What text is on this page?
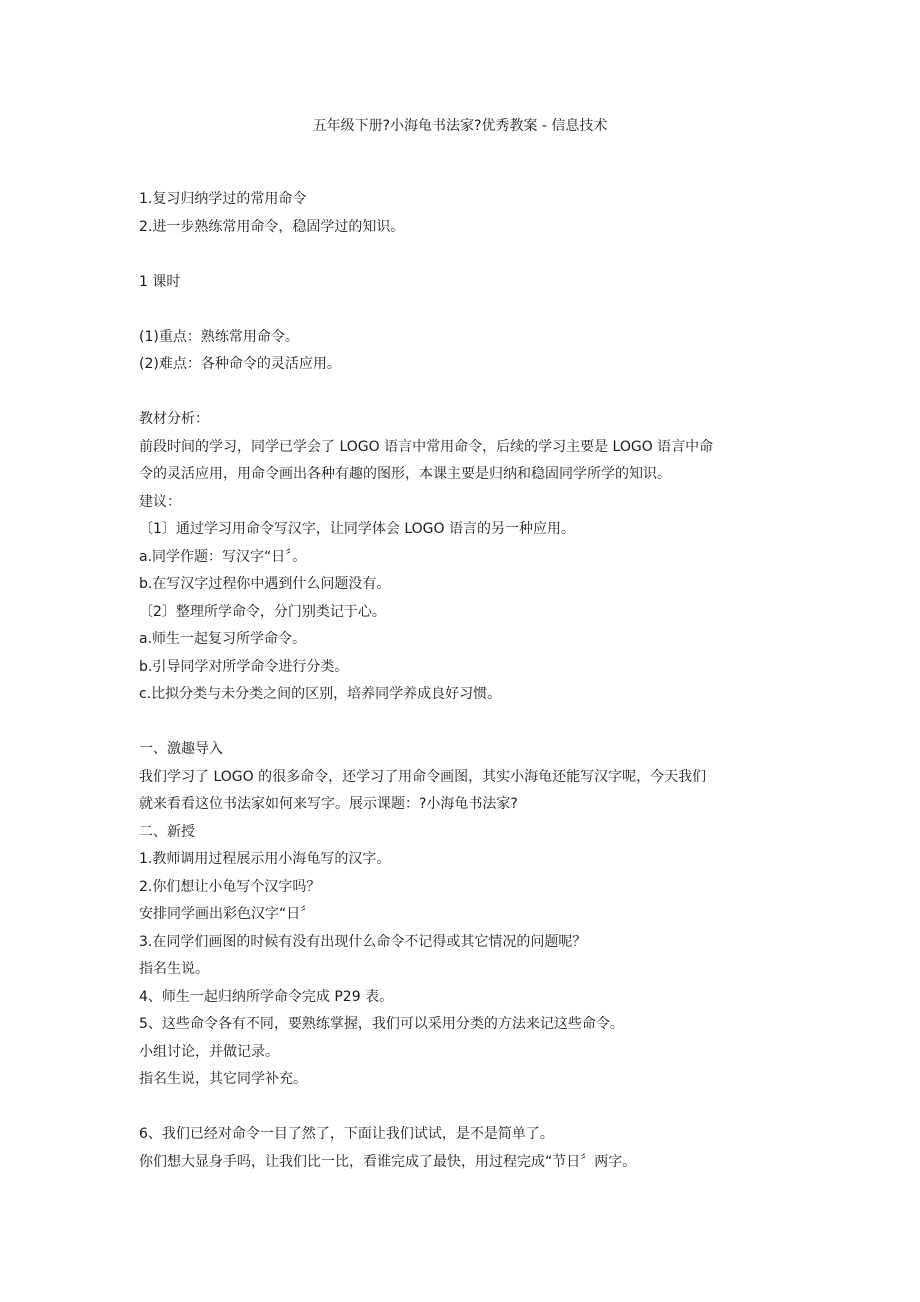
五年级下册?小海龟书法家?优秀教案 - 信息技术
1.复习归纳学过的常用命令
2.进一步熟练常用命令，稳固学过的知识。
1 课时
(1)重点：熟练常用命令。
(2)难点：各种命令的灵活应用。
教材分析：
前段时间的学习，同学已学会了 LOGO 语言中常用命令，后续的学习主要是 LOGO 语言中命
令的灵活应用，用命令画出各种有趣的图形，本课主要是归纳和稳固同学所学的知识。
建议：
〔1〕通过学习用命令写汉字，让同学体会 LOGO 语言的另一种应用。
a.同学作题：写汉字“日〞。
b.在写汉字过程你中遇到什么问题没有。
〔2〕整理所学命令，分门别类记于心。
a.师生一起复习所学命令。
b.引导同学对所学命令进行分类。
c.比拟分类与未分类之间的区别，培养同学养成良好习惯。
一、激趣导入
我们学习了 LOGO 的很多命令，还学习了用命令画图，其实小海龟还能写汉字呢，今天我们
就来看看这位书法家如何来写字。展示课题：?小海龟书法家?
二、新授
1.教师调用过程展示用小海龟写的汉字。
2.你们想让小龟写个汉字吗？
安排同学画出彩色汉字“日〞
3.在同学们画图的时候有没有出现什么命令不记得或其它情况的问题呢？
指名生说。
4、师生一起归纳所学命令完成 P29 表。
5、这些命令各有不同，要熟练掌握，我们可以采用分类的方法来记这些命令。
小组讨论，并做记录。
指名生说，其它同学补充。
6、我们已经对命令一目了然了，下面让我们试试，是不是简单了。
你们想大显身手吗，让我们比一比，看谁完成了最快，用过程完成“节日〞两字。
